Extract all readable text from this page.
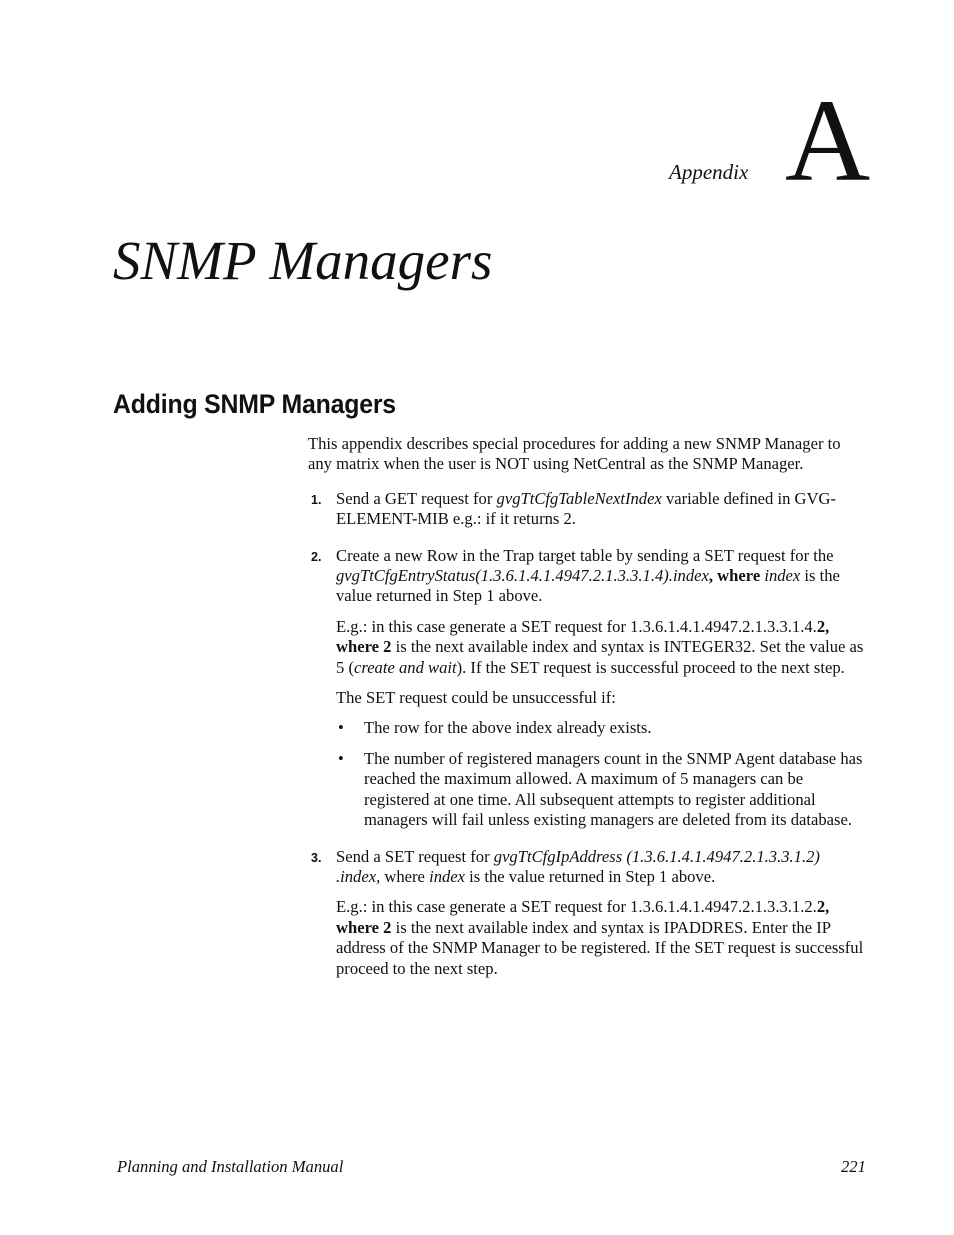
Appendix A
SNMP Managers
Adding SNMP Managers

This appendix describes special procedures for adding a new SNMP Manager to any matrix when the user is NOT using NetCentral as the SNMP Manager.

1. Send a GET request for gvgTtCfgTableNextIndex variable defined in GVG-ELEMENT-MIB e.g.: if it returns 2.

2. Create a new Row in the Trap target table by sending a SET request for the gvgTtCfgEntryStatus(1.3.6.1.4.1.4947.2.1.3.3.1.4).index, where index is the value returned in Step 1 above.

E.g.: in this case generate a SET request for 1.3.6.1.4.1.4947.2.1.3.3.1.4.2, where 2 is the next available index and syntax is INTEGER32. Set the value as 5 (create and wait). If the SET request is successful proceed to the next step.

The SET request could be unsuccessful if:

• The row for the above index already exists.
• The number of registered managers count in the SNMP Agent database has reached the maximum allowed. A maximum of 5 managers can be registered at one time. All subsequent attempts to register additional managers will fail unless existing managers are deleted from its database.
3. Send a SET request for gvgTtCfgIpAddress (1.3.6.1.4.1.4947.2.1.3.3.1.2) .index, where index is the value returned in Step 1 above.

E.g.: in this case generate a SET request for 1.3.6.1.4.1.4947.2.1.3.3.1.2.2, where 2 is the next available index and syntax is IPADDRES. Enter the IP address of the SNMP Manager to be registered. If the SET request is successful proceed to the next step.

Planning and Installation Manual	221
